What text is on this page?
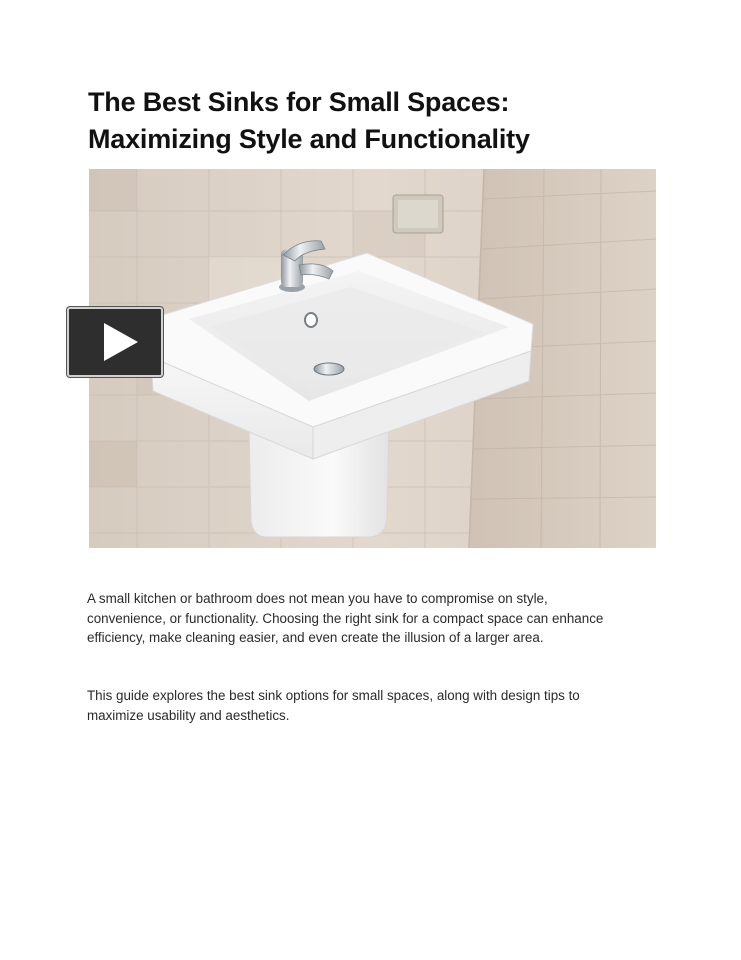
The Best Sinks for Small Spaces:
Maximizing Style and Functionality

A small kitchen or bathroom does not mean you have to compromise on style,
convenience, or functionality. Choosing the right sink for a compact space can enhance
efficiency, make cleaning easier, and even create the illusion of a larger area.

This guide explores the best sink options for small spaces, along with design tips to
maximize usability and aesthetics.
